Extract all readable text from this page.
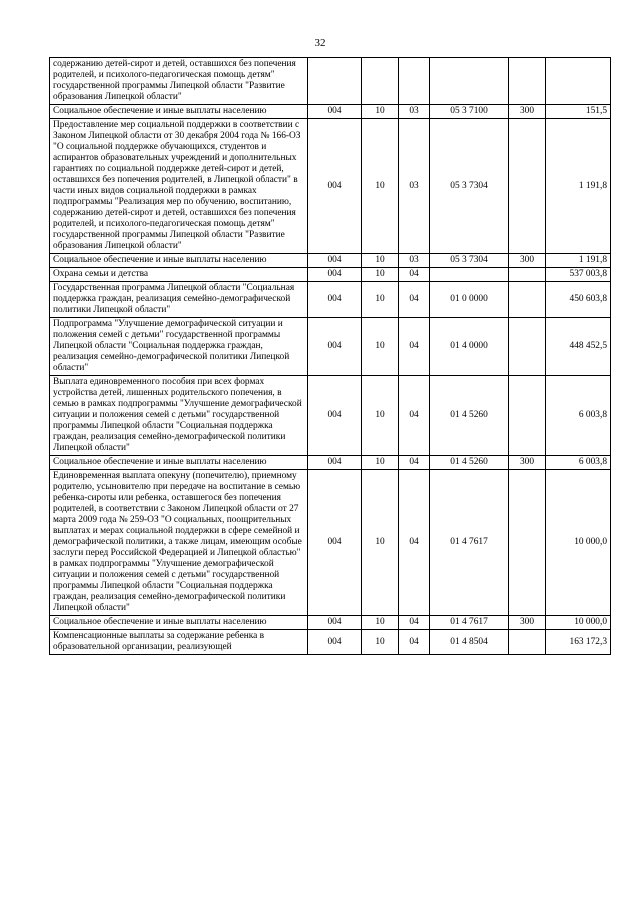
32
содержанию детей-сирот и детей, оставшихся без попечения родителей, и психолого-педагогическая помощь детям" государственной программы Липецкой области "Развитие образования Липецкой области"						
Социальное обеспечение и иные выплаты населению	004	10	03	05 3 7100	300	151,5
Предоставление мер социальной поддержки в соответствии с Законом Липецкой области от 30 декабря 2004 года № 166-ОЗ "О социальной поддержке обучающихся, студентов и аспирантов образовательных учреждений и дополнительных гарантиях по социальной поддержке детей-сирот и детей, оставшихся без попечения родителей, в Липецкой области" в части иных видов социальной поддержки в рамках подпрограммы "Реализация мер по обучению, воспитанию, содержанию детей-сирот и детей, оставшихся без попечения родителей, и психолого-педагогическая помощь детям" государственной программы Липецкой области "Развитие образования Липецкой области"	004	10	03	05 3 7304		1 191,8
Социальное обеспечение и иные выплаты населению	004	10	03	05 3 7304	300	1 191,8
Охрана семьи и детства	004	10	04			537 003,8
Государственная программа Липецкой области "Социальная поддержка граждан, реализация семейно-демографической политики Липецкой области"	004	10	04	01 0 0000		450 603,8
Подпрограмма "Улучшение демографической ситуации и положения семей с детьми" государственной программы Липецкой области "Социальная поддержка граждан, реализация семейно-демографической политики Липецкой области"	004	10	04	01 4 0000		448 452,5
Выплата единовременного пособия при всех формах устройства детей, лишенных родительского попечения, в семью в рамках подпрограммы "Улучшение демографической ситуации и положения семей с детьми" государственной программы Липецкой области "Социальная поддержка граждан, реализация семейно-демографической политики Липецкой области"	004	10	04	01 4 5260		6 003,8
Социальное обеспечение и иные выплаты населению	004	10	04	01 4 5260	300	6 003,8
Единовременная выплата опекуну (попечителю), приемному родителю, усыновителю при передаче на воспитание в семью ребенка-сироты или ребенка, оставшегося без попечения родителей, в соответствии с Законом Липецкой области от 27 марта 2009 года № 259-ОЗ "О социальных, поощрительных выплатах и мерах социальной поддержки в сфере семейной и демографической политики, а также лицам, имеющим особые заслуги перед Российской Федерацией и Липецкой областью" в рамках подпрограммы "Улучшение демографической ситуации и положения семей с детьми" государственной программы Липецкой области "Социальная поддержка граждан, реализация семейно-демографической политики Липецкой области"	004	10	04	01 4 7617		10 000,0
Социальное обеспечение и иные выплаты населению	004	10	04	01 4 7617	300	10 000,0
Компенсационные выплаты за содержание ребенка в образовательной организации, реализующей	004	10	04	01 4 8504		163 172,3
